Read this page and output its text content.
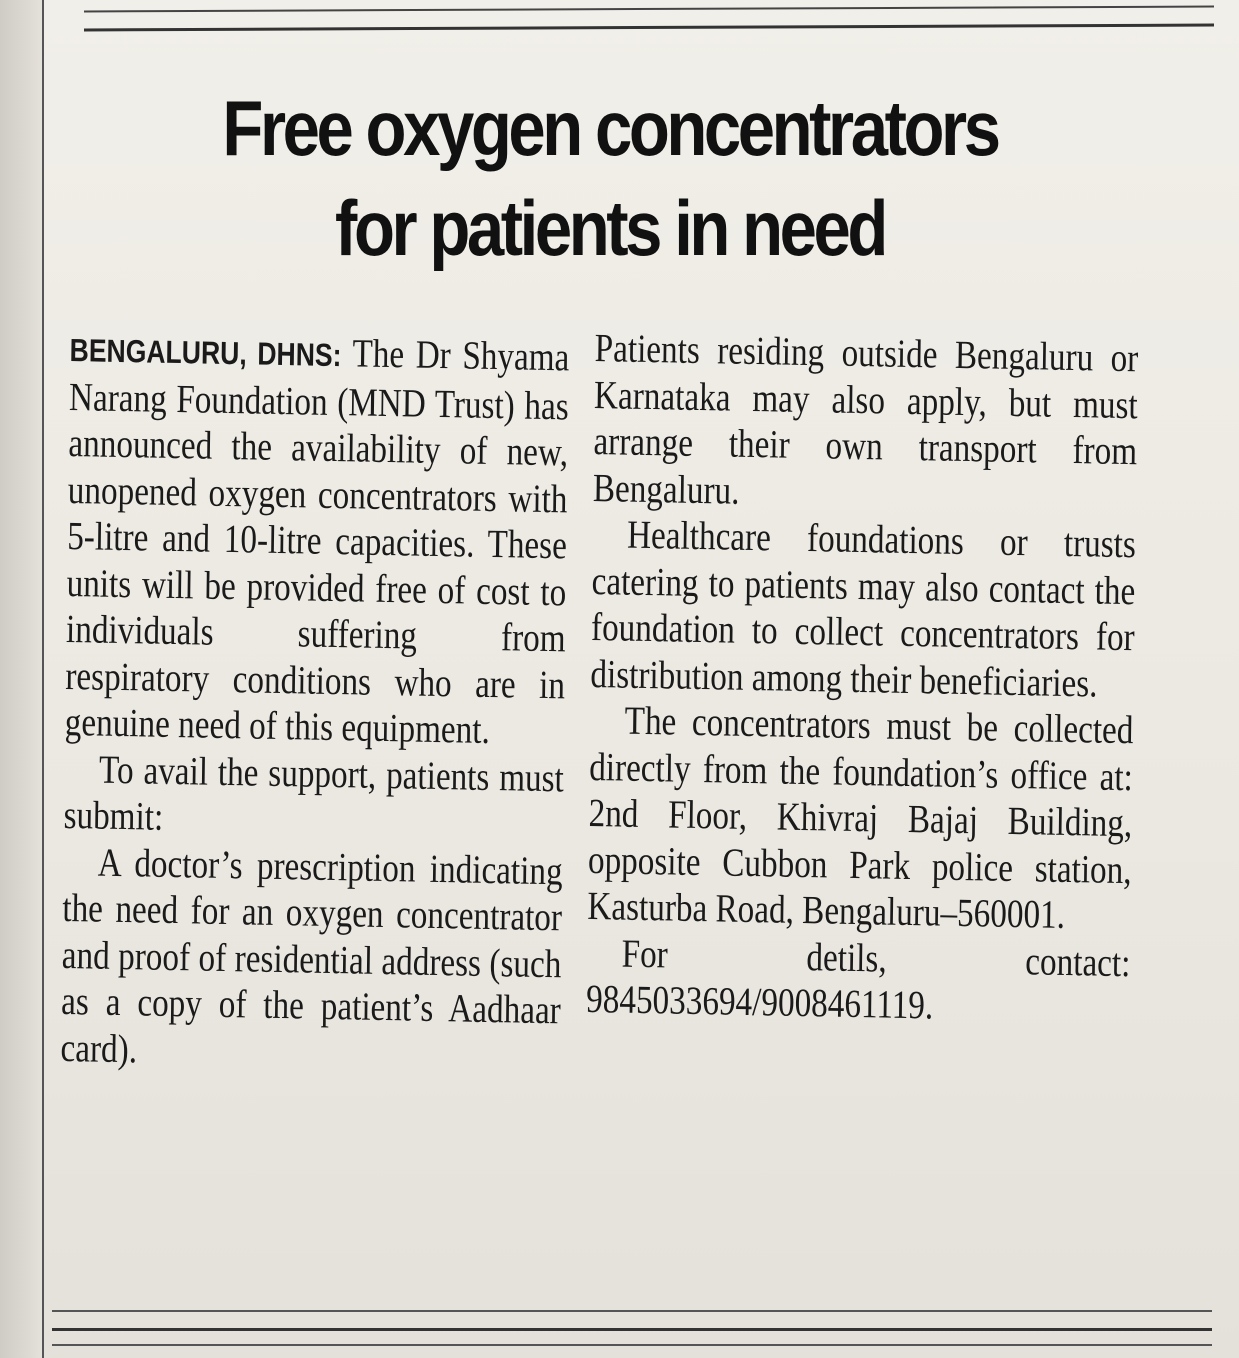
Free oxygen concentrators
for patients in need

BENGALURU, DHNS: The Dr Shyama Narang Foundation (MND Trust) has announced the availability of new, unopened oxygen concentrators with 5-litre and 10-litre capacities. These units will be provided free of cost to individuals suffering from respiratory conditions who are in genuine need of this equipment.

To avail the support, patients must submit:

A doctor’s prescription indicating the need for an oxygen concentrator and proof of residential address (such as a copy of the patient’s Aadhaar card).

Patients residing outside Bengaluru or Karnataka may also apply, but must arrange their own transport from Bengaluru.

Healthcare foundations or trusts catering to patients may also contact the foundation to collect concentrators for distribution among their beneficiaries.

The concentrators must be collected directly from the foundation’s office at: 2nd Floor, Khivraj Bajaj Building, opposite Cubbon Park police station, Kasturba Road, Bengaluru–560001.

For detils, contact: 9845033694/9008461119.
